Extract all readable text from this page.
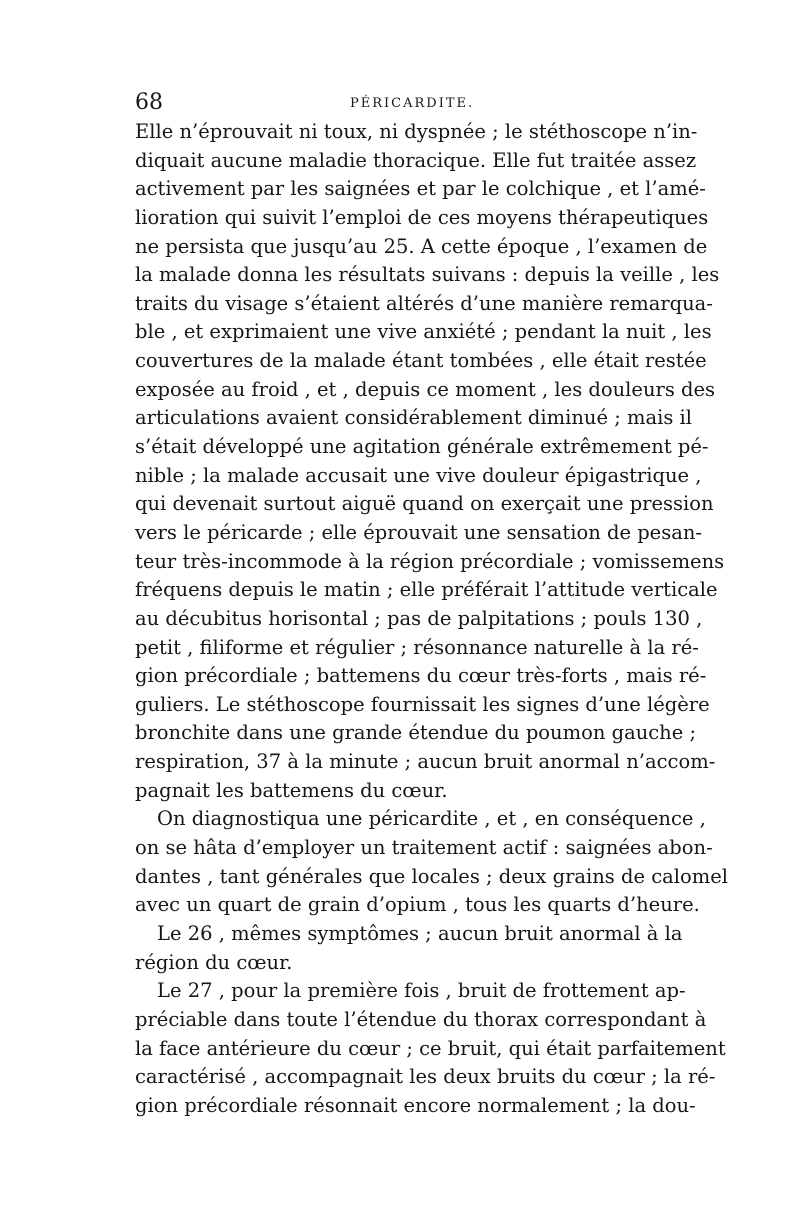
68	PÉRICARDITE.
Elle n’éprouvait ni toux, ni dyspnée ; le stéthoscope n’in-
diquait aucune maladie thoracique. Elle fut traitée assez
activement par les saignées et par le colchique , et l’amé-
lioration qui suivit l’emploi de ces moyens thérapeutiques
ne persista que jusqu’au 25. A cette époque , l’examen de
la malade donna les résultats suivans : depuis la veille , les
traits du visage s’étaient altérés d’une manière remarqua-
ble , et exprimaient une vive anxiété ; pendant la nuit , les
couvertures de la malade étant tombées , elle était restée
exposée au froid , et , depuis ce moment , les douleurs des
articulations avaient considérablement diminué ; mais il
s’était développé une agitation générale extrêmement pé-
nible ; la malade accusait une vive douleur épigastrique ,
qui devenait surtout aiguë quand on exerçait une pression
vers le péricarde ; elle éprouvait une sensation de pesan-
teur très-incommode à la région précordiale ; vomissemens
fréquens depuis le matin ; elle préférait l’attitude verticale
au décubitus horisontal ; pas de palpitations ; pouls 130 ,
petit , filiforme et régulier ; résonnance naturelle à la ré-
gion précordiale ; battemens du cœur très-forts , mais ré-
guliers. Le stéthoscope fournissait les signes d’une légère
bronchite dans une grande étendue du poumon gauche ;
respiration, 37 à la minute ; aucun bruit anormal n’accom-
pagnait les battemens du cœur.
On diagnostiqua une péricardite , et , en conséquence ,
on se hâta d’employer un traitement actif : saignées abon-
dantes , tant générales que locales ; deux grains de calomel
avec un quart de grain d’opium , tous les quarts d’heure.
Le 26 , mêmes symptômes ; aucun bruit anormal à la
région du cœur.
Le 27 , pour la première fois , bruit de frottement ap-
préciable dans toute l’étendue du thorax correspondant à
la face antérieure du cœur ; ce bruit, qui était parfaitement
caractérisé , accompagnait les deux bruits du cœur ; la ré-
gion précordiale résonnait encore normalement ; la dou-
